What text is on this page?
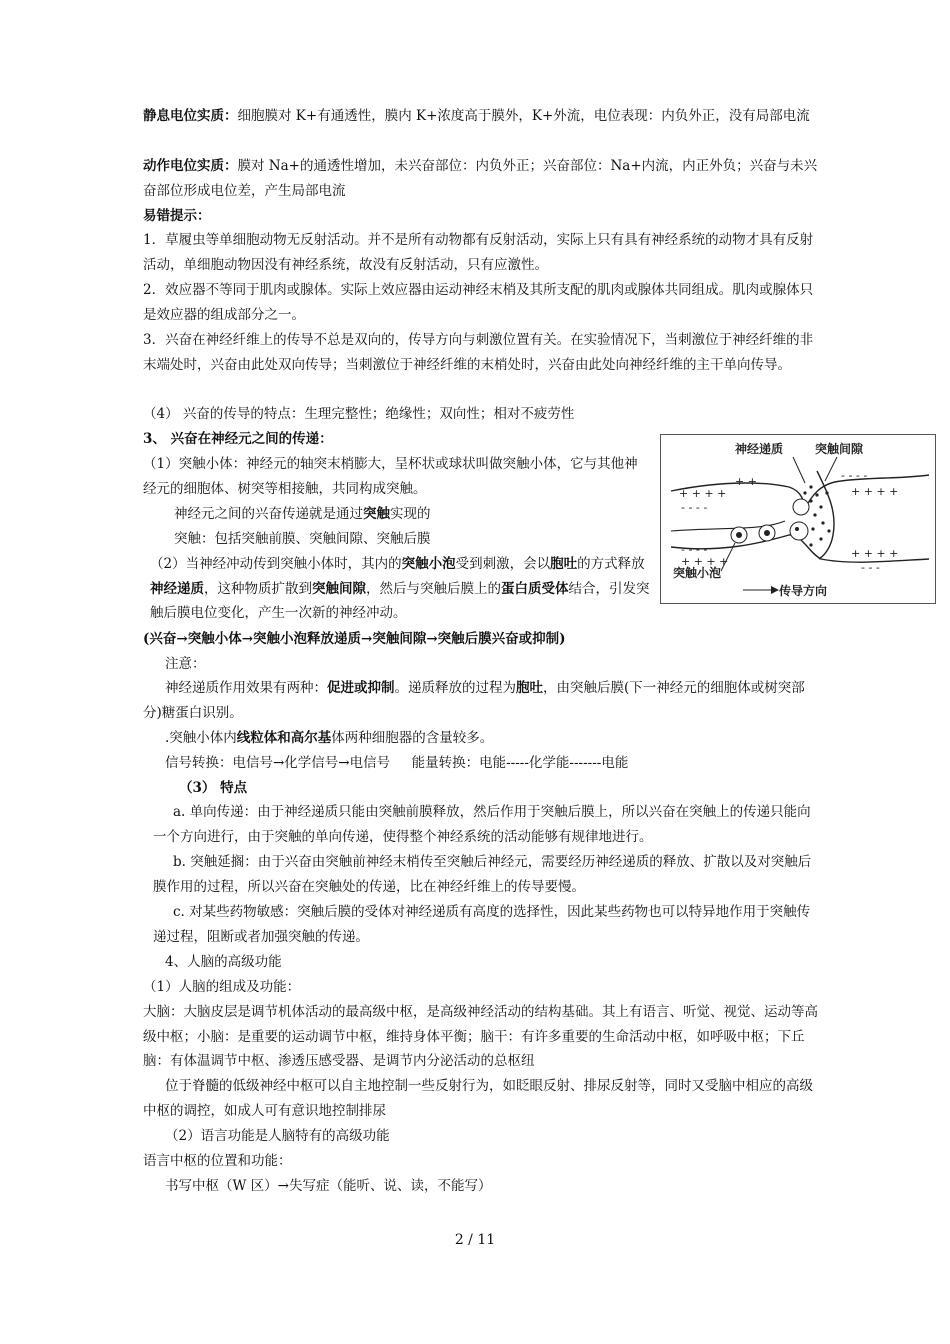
静息电位实质：细胞膜对 K+有通透性，膜内 K+浓度高于膜外，K+外流，电位表现：内负外正，没有局部电流

动作电位实质：膜对 Na+的通透性增加，未兴奋部位：内负外正；兴奋部位：Na+内流，内正外负；兴奋与未兴奋部位形成电位差，产生局部电流

易错提示：

1．草履虫等单细胞动物无反射活动。并不是所有动物都有反射活动，实际上只有具有神经系统的动物才具有反射活动，单细胞动物因没有神经系统，故没有反射活动，只有应激性。

2．效应器不等同于肌肉或腺体。实际上效应器由运动神经末梢及其所支配的肌肉或腺体共同组成。肌肉或腺体只是效应器的组成部分之一。

3．兴奋在神经纤维上的传导不总是双向的，传导方向与刺激位置有关。在实验情况下，当刺激位于神经纤维的非末端处时，兴奋由此处双向传导；当刺激位于神经纤维的末梢处时，兴奋由此处向神经纤维的主干单向传导。

（4） 兴奋的传导的特点：生理完整性；绝缘性；双向性；相对不疲劳性

3、 兴奋在神经元之间的传递：

（1）突触小体：神经元的轴突末梢膨大，呈杯状或球状叫做突触小体，它与其他神经元的细胞体、树突等相接触，共同构成突触。

神经元之间的兴奋传递就是通过突触实现的

突触：包括突触前膜、突触间隙、突触后膜

（2）当神经冲动传到突触小体时，其内的突触小泡受到刺激，会以胞吐的方式释放神经递质，这种物质扩散到突触间隙，然后与突触后膜上的蛋白质受体结合，引发突触后膜电位变化，产生一次新的神经冲动。

(兴奋→突触小体→突触小泡释放递质→突触间隙→突触后膜兴奋或抑制)

注意：

神经递质作用效果有两种：促进或抑制。递质释放的过程为胞吐，由突触后膜(下一神经元的细胞体或树突部分)糖蛋白识别。

.突触小体内线粒体和高尔基体两种细胞器的含量较多。

信号转换：电信号→化学信号→电信号     能量转换：电能-----化学能-------电能

（3） 特点

a. 单向传递：由于神经递质只能由突触前膜释放，然后作用于突触后膜上，所以兴奋在突触上的传递只能向一个方向进行，由于突触的单向传递，使得整个神经系统的活动能够有规律地进行。

b. 突触延搁：由于兴奋由突触前神经末梢传至突触后神经元，需要经历神经递质的释放、扩散以及对突触后膜作用的过程，所以兴奋在突触处的传递，比在神经纤维上的传导要慢。

c. 对某些药物敏感：突触后膜的受体对神经递质有高度的选择性，因此某些药物也可以特异地作用于突触传递过程，阻断或者加强突触的传递。

4、人脑的高级功能

（1）人脑的组成及功能：

大脑：大脑皮层是调节机体活动的最高级中枢，是高级神经活动的结构基础。其上有语言、听觉、视觉、运动等高级中枢；小脑：是重要的运动调节中枢，维持身体平衡；脑干：有许多重要的生命活动中枢，如呼吸中枢；下丘脑：有体温调节中枢、渗透压感受器、是调节内分泌活动的总枢纽

位于脊髓的低级神经中枢可以自主地控制一些反射行为，如眨眼反射、排尿反射等，同时又受脑中相应的高级中枢的调控，如成人可有意识地控制排尿

（2）语言功能是人脑特有的高级功能

语言中枢的位置和功能：

书写中枢（W 区）→失写症（能听、说、读，不能写）

+ + + +
+ +
- - - -
- - - -
+ + + +
- - - -
+ + + +
+ + + +
- - -
神经递质	突触间隙
突触小泡
传导方向
2 / 11
